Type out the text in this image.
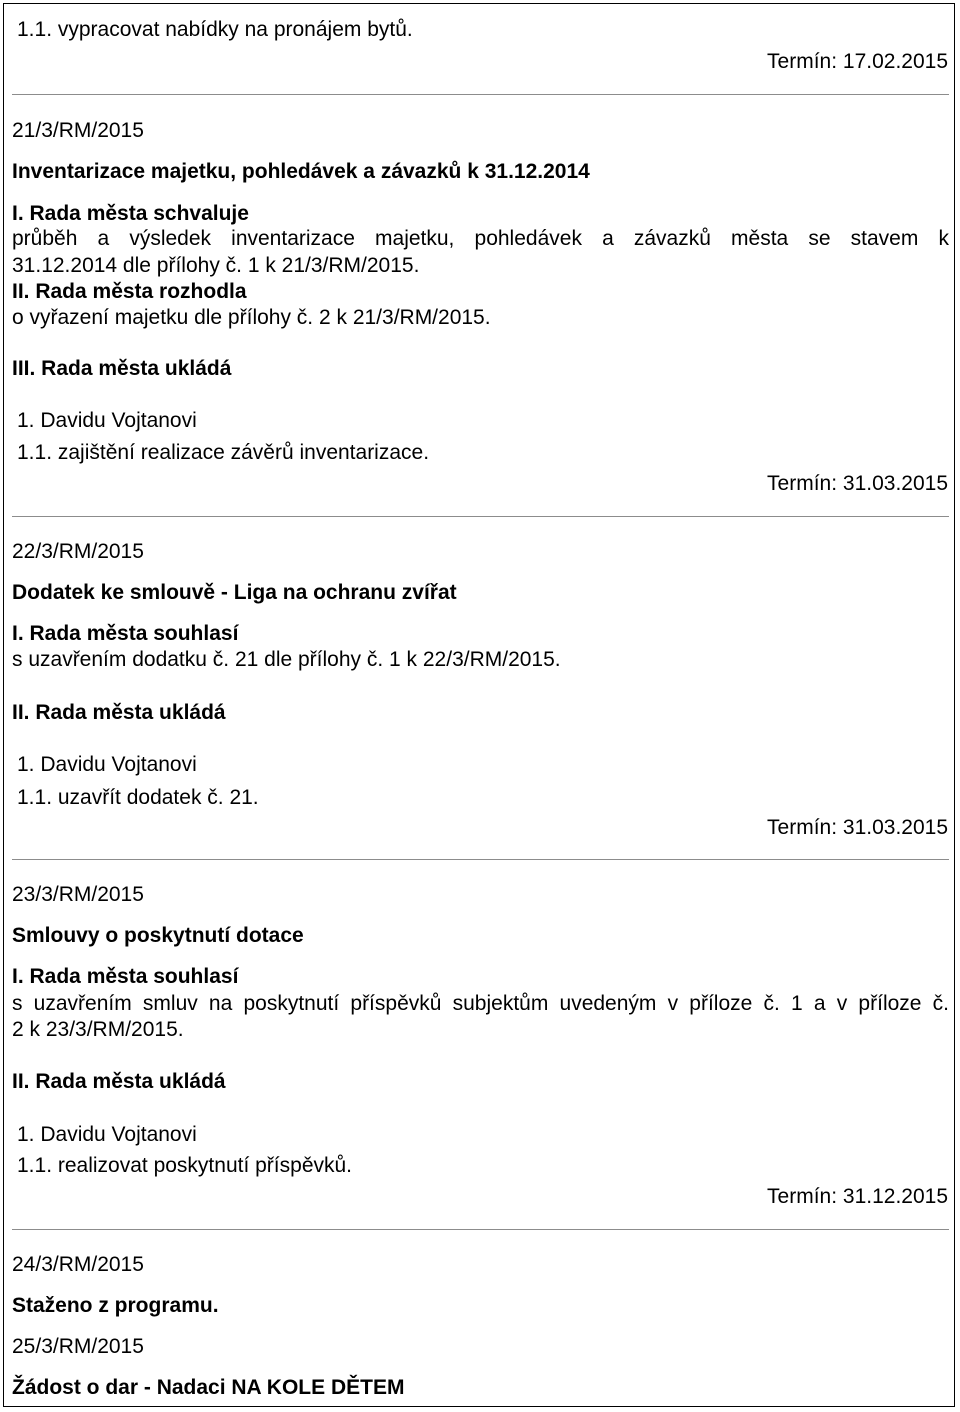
1.1. vypracovat nabídky na pronájem bytů.
Termín: 17.02.2015
21/3/RM/2015
Inventarizace majetku, pohledávek a závazků k 31.12.2014
I. Rada města schvaluje
průběh a výsledek inventarizace majetku, pohledávek a závazků města se stavem k
31.12.2014 dle přílohy č. 1 k 21/3/RM/2015.
II. Rada města rozhodla
o vyřazení majetku dle přílohy č. 2 k 21/3/RM/2015.
III. Rada města ukládá
1. Davidu Vojtanovi
1.1. zajištění realizace závěrů inventarizace.
Termín: 31.03.2015
22/3/RM/2015
Dodatek ke smlouvě - Liga na ochranu zvířat
I. Rada města souhlasí
s uzavřením dodatku č. 21 dle přílohy č. 1 k 22/3/RM/2015.
II. Rada města ukládá
1. Davidu Vojtanovi
1.1. uzavřít dodatek č. 21.
Termín: 31.03.2015
23/3/RM/2015
Smlouvy o poskytnutí dotace
I. Rada města souhlasí
s uzavřením smluv na poskytnutí příspěvků subjektům uvedeným v příloze č. 1 a v příloze č.
2 k 23/3/RM/2015.
II. Rada města ukládá
1. Davidu Vojtanovi
1.1. realizovat poskytnutí příspěvků.
Termín: 31.12.2015
24/3/RM/2015
Staženo z programu.
25/3/RM/2015
Žádost o dar - Nadaci NA KOLE DĚTEM
